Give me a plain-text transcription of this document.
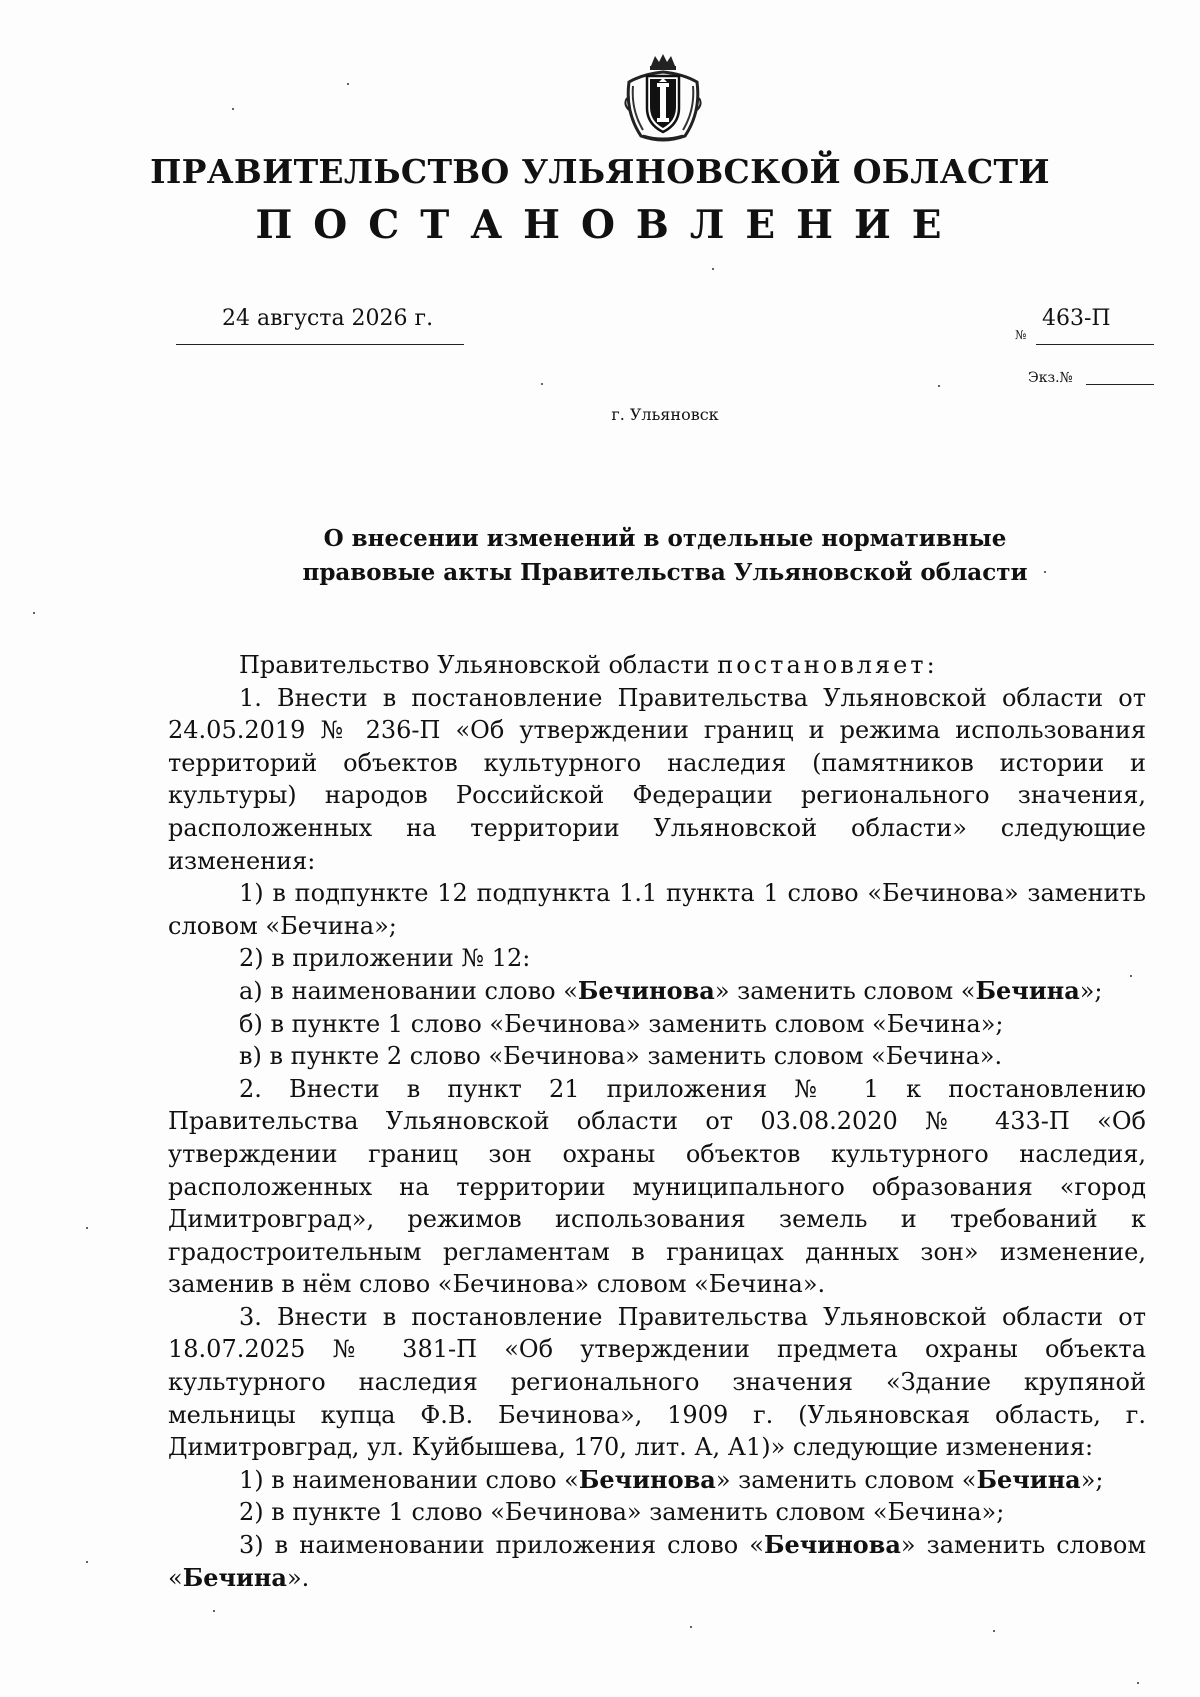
ПРАВИТЕЛЬСТВО УЛЬЯНОВСКОЙ ОБЛАСТИ
ПОСТАНОВЛЕНИЕ
24 августа 2026 г.
№
463-П
Экз.№
г. Ульяновск
О внесении изменений в отдельные нормативные
правовые акты Правительства Ульяновской области

Правительство Ульяновской области постановляет:

1. Внести в постановление Правительства Ульяновской области от 24.05.2019 № 236-П «Об утверждении границ и режима использования территорий объектов культурного наследия (памятников истории и культуры) народов Российской Федерации регионального значения, расположенных на территории Ульяновской области» следующие изменения:

1) в подпункте 12 подпункта 1.1 пункта 1 слово «Бечинова» заменить словом «Бечина»;

2) в приложении № 12:

а) в наименовании слово «Бечинова» заменить словом «Бечина»;

б) в пункте 1 слово «Бечинова» заменить словом «Бечина»;

в) в пункте 2 слово «Бечинова» заменить словом «Бечина».

2. Внести в пункт 21 приложения № 1 к постановлению Правительства Ульяновской области от 03.08.2020 № 433-П «Об утверждении границ зон охраны объектов культурного наследия, расположенных на территории муниципального образования «город Димитровград», режимов использования земель и требований к градостроительным регламентам в границах данных зон» изменение, заменив в нём слово «Бечинова» словом «Бечина».

3. Внести в постановление Правительства Ульяновской области от 18.07.2025 № 381-П «Об утверждении предмета охраны объекта культурного наследия регионального значения «Здание крупяной мельницы купца Ф.В. Бечинова», 1909 г. (Ульяновская область, г. Димитровград, ул. Куйбышева, 170, лит. А, А1)» следующие изменения:

1) в наименовании слово «Бечинова» заменить словом «Бечина»;

2) в пункте 1 слово «Бечинова» заменить словом «Бечина»;

3) в наименовании приложения слово «Бечинова» заменить словом «Бечина».
